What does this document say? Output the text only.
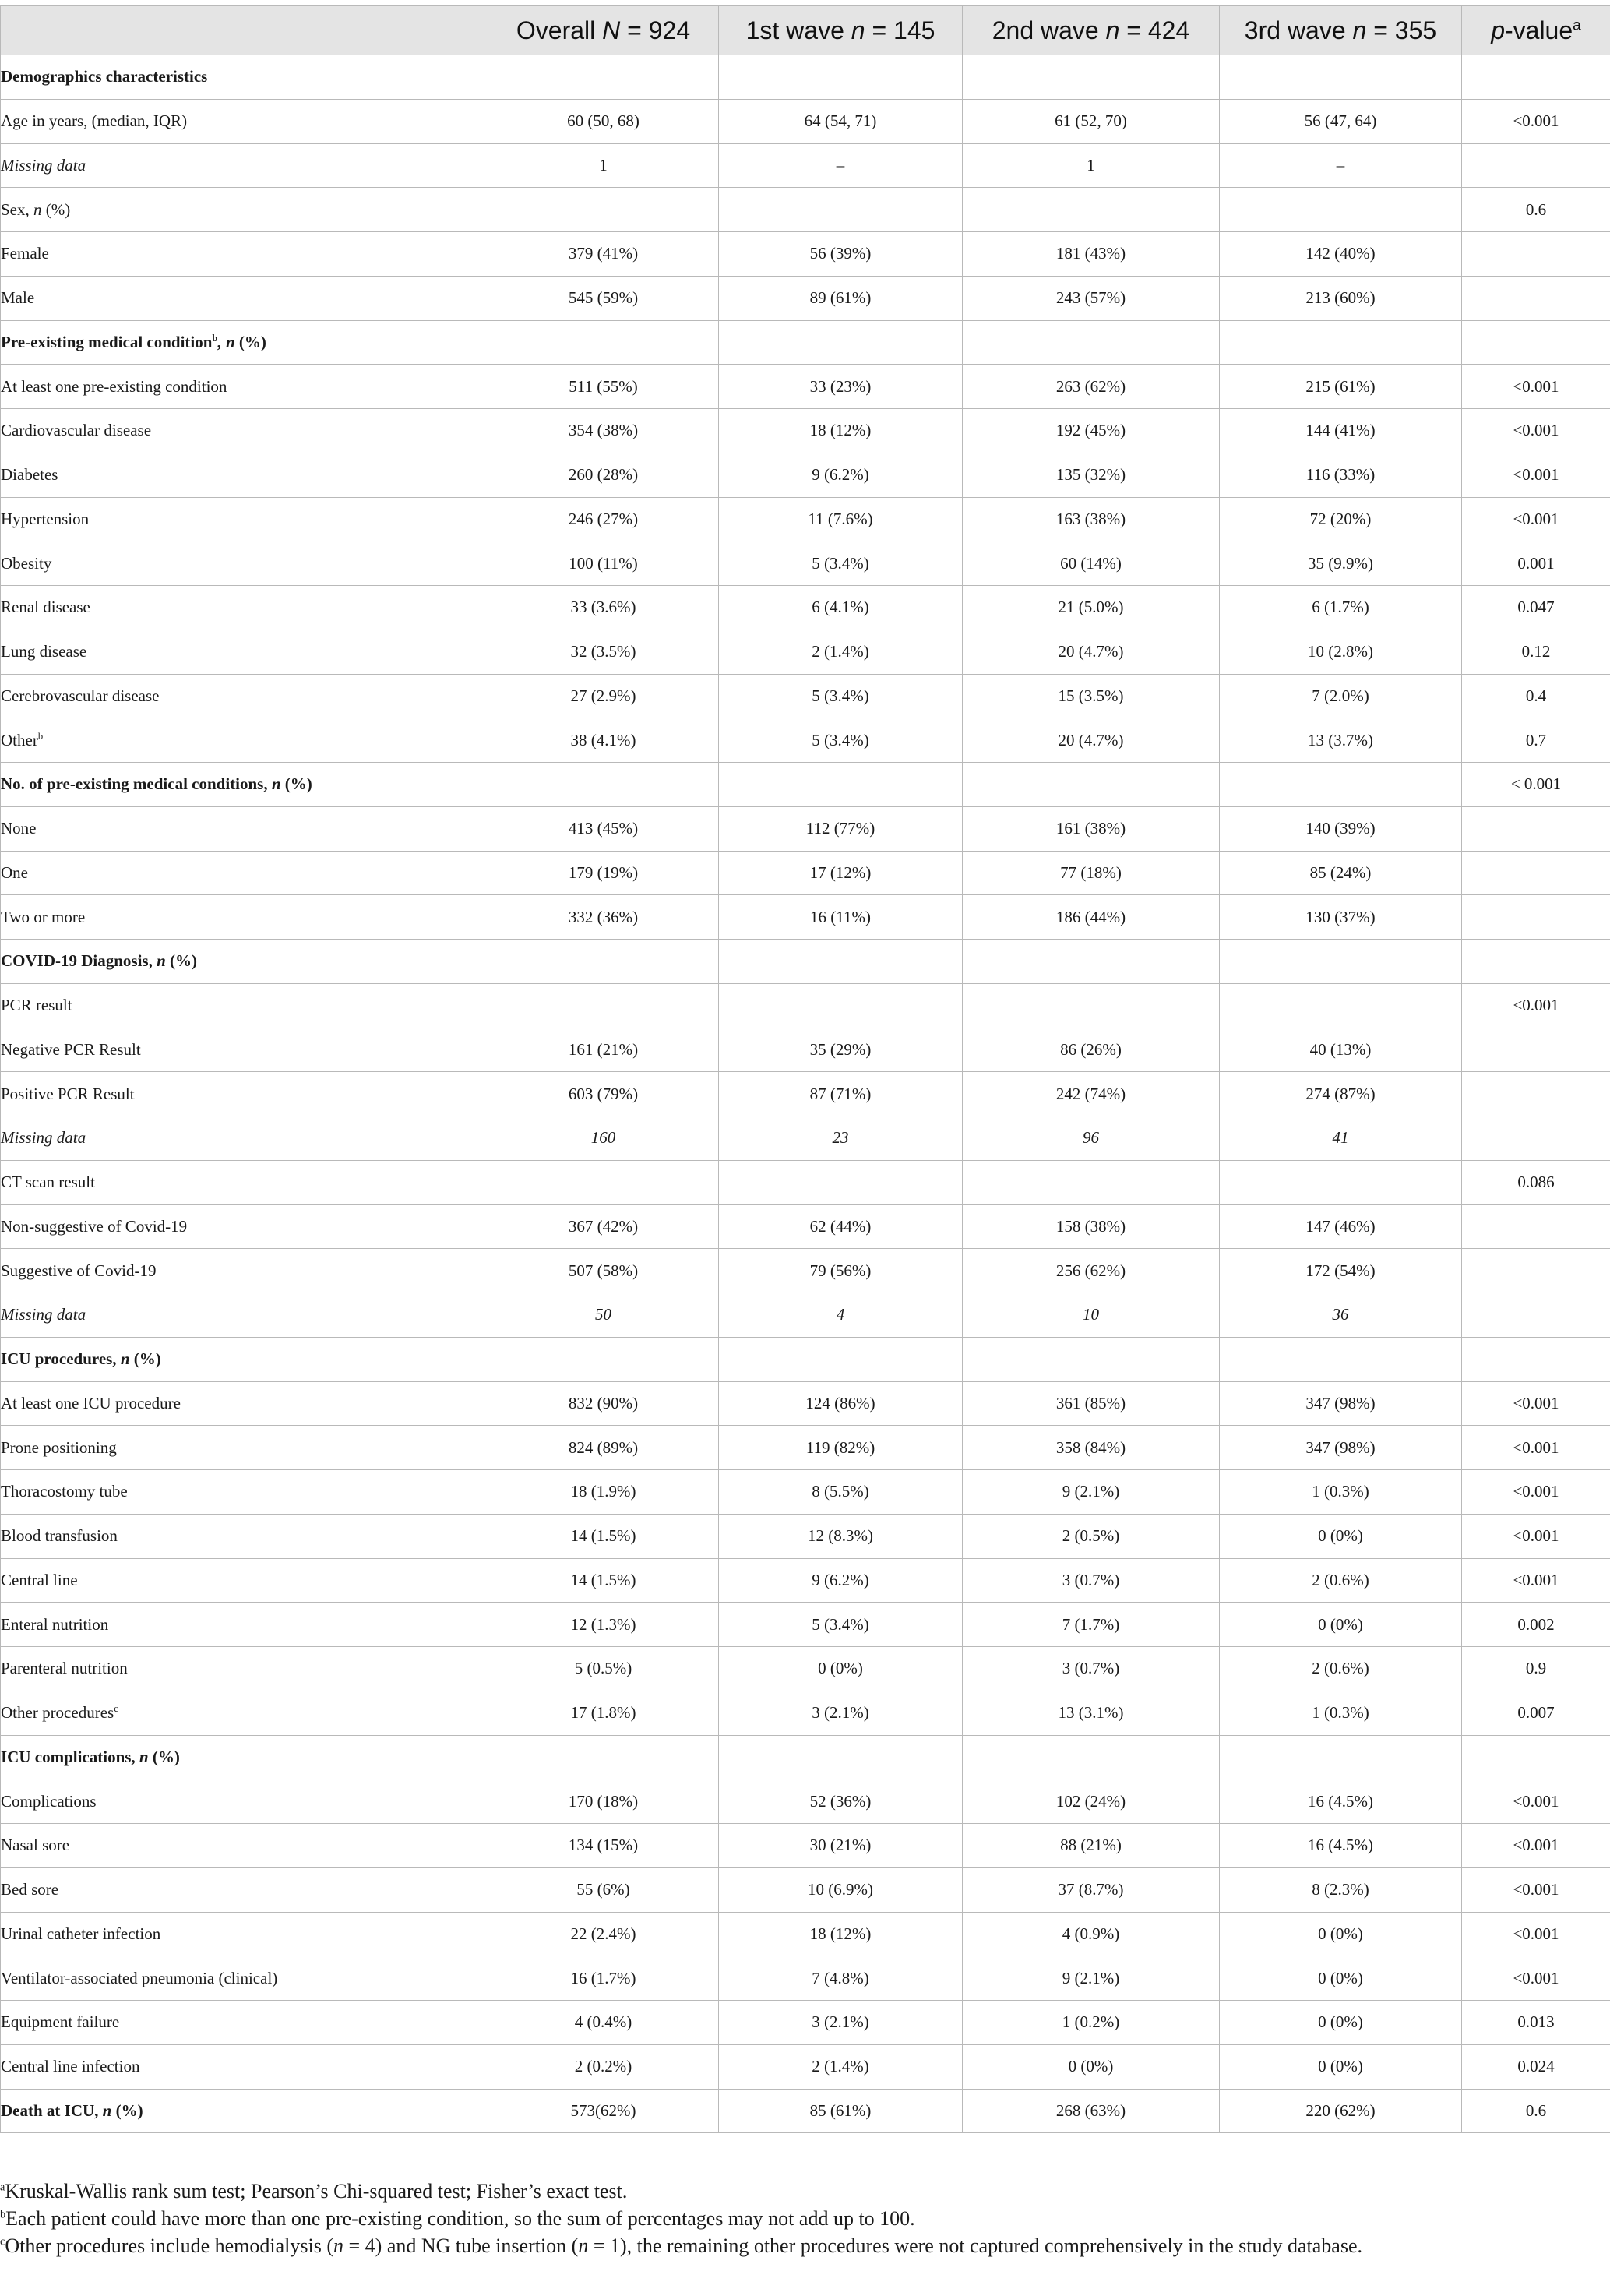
	Overall N = 924	1st wave n = 145	2nd wave n = 424	3rd wave n = 355	p-value$^a$
Demographics characteristics					
Age in years, (median, IQR)	60 (50, 68)	64 (54, 71)	61 (52, 70)	56 (47, 64)	<0.001
Missing data	1	–	1	–	
Sex, n (%)					0.6
Female	379 (41%)	56 (39%)	181 (43%)	142 (40%)	
Male	545 (59%)	89 (61%)	243 (57%)	213 (60%)	
Pre-existing medical condition$^b$, n (%)					
At least one pre-existing condition	511 (55%)	33 (23%)	263 (62%)	215 (61%)	<0.001
Cardiovascular disease	354 (38%)	18 (12%)	192 (45%)	144 (41%)	<0.001
Diabetes	260 (28%)	9 (6.2%)	135 (32%)	116 (33%)	<0.001
Hypertension	246 (27%)	11 (7.6%)	163 (38%)	72 (20%)	<0.001
Obesity	100 (11%)	5 (3.4%)	60 (14%)	35 (9.9%)	0.001
Renal disease	33 (3.6%)	6 (4.1%)	21 (5.0%)	6 (1.7%)	0.047
Lung disease	32 (3.5%)	2 (1.4%)	20 (4.7%)	10 (2.8%)	0.12
Cerebrovascular disease	27 (2.9%)	5 (3.4%)	15 (3.5%)	7 (2.0%)	0.4
Other$^b$	38 (4.1%)	5 (3.4%)	20 (4.7%)	13 (3.7%)	0.7
No. of pre-existing medical conditions, n (%)					< 0.001
None	413 (45%)	112 (77%)	161 (38%)	140 (39%)	
One	179 (19%)	17 (12%)	77 (18%)	85 (24%)	
Two or more	332 (36%)	16 (11%)	186 (44%)	130 (37%)	
COVID-19 Diagnosis, n (%)					
PCR result					<0.001
Negative PCR Result	161 (21%)	35 (29%)	86 (26%)	40 (13%)	
Positive PCR Result	603 (79%)	87 (71%)	242 (74%)	274 (87%)	
Missing data	160	23	96	41	
CT scan result					0.086
Non-suggestive of Covid-19	367 (42%)	62 (44%)	158 (38%)	147 (46%)	
Suggestive of Covid-19	507 (58%)	79 (56%)	256 (62%)	172 (54%)	
Missing data	50	4	10	36	
ICU procedures, n (%)					
At least one ICU procedure	832 (90%)	124 (86%)	361 (85%)	347 (98%)	<0.001
Prone positioning	824 (89%)	119 (82%)	358 (84%)	347 (98%)	<0.001
Thoracostomy tube	18 (1.9%)	8 (5.5%)	9 (2.1%)	1 (0.3%)	<0.001
Blood transfusion	14 (1.5%)	12 (8.3%)	2 (0.5%)	0 (0%)	<0.001
Central line	14 (1.5%)	9 (6.2%)	3 (0.7%)	2 (0.6%)	<0.001
Enteral nutrition	12 (1.3%)	5 (3.4%)	7 (1.7%)	0 (0%)	0.002
Parenteral nutrition	5 (0.5%)	0 (0%)	3 (0.7%)	2 (0.6%)	0.9
Other procedures$^c$	17 (1.8%)	3 (2.1%)	13 (3.1%)	1 (0.3%)	0.007
ICU complications, n (%)					
Complications	170 (18%)	52 (36%)	102 (24%)	16 (4.5%)	<0.001
Nasal sore	134 (15%)	30 (21%)	88 (21%)	16 (4.5%)	<0.001
Bed sore	55 (6%)	10 (6.9%)	37 (8.7%)	8 (2.3%)	<0.001
Urinal catheter infection	22 (2.4%)	18 (12%)	4 (0.9%)	0 (0%)	<0.001
Ventilator-associated pneumonia (clinical)	16 (1.7%)	7 (4.8%)	9 (2.1%)	0 (0%)	<0.001
Equipment failure	4 (0.4%)	3 (2.1%)	1 (0.2%)	0 (0%)	0.013
Central line infection	2 (0.2%)	2 (1.4%)	0 (0%)	0 (0%)	0.024
Death at ICU, n (%)	573(62%)	85 (61%)	268 (63%)	220 (62%)	0.6

$^a$Kruskal-Wallis rank sum test; Pearson’s Chi-squared test; Fisher’s exact test.

$^b$Each patient could have more than one pre-existing condition, so the sum of percentages may not add up to 100.

$^c$Other procedures include hemodialysis (n = 4) and NG tube insertion (n = 1), the remaining other procedures were not captured comprehensively in the study database.
